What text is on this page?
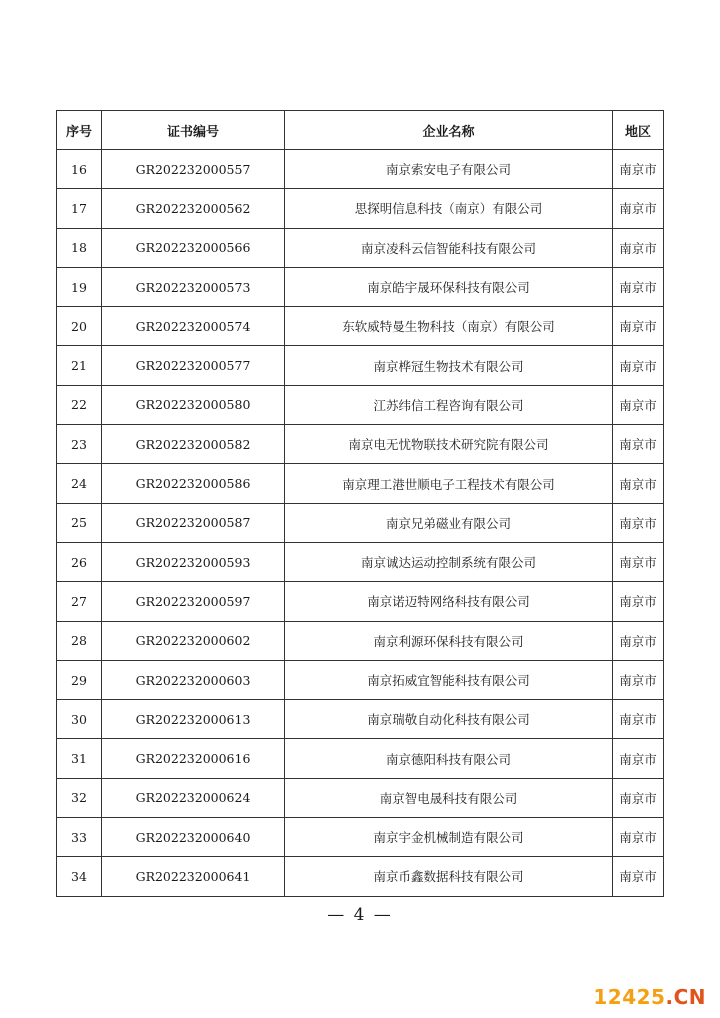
序号	证书编号	企业名称	地区
16	GR202232000557	南京索安电子有限公司	南京市
17	GR202232000562	思探明信息科技（南京）有限公司	南京市
18	GR202232000566	南京凌科云信智能科技有限公司	南京市
19	GR202232000573	南京皓宇晟环保科技有限公司	南京市
20	GR202232000574	东软威特曼生物科技（南京）有限公司	南京市
21	GR202232000577	南京桦冠生物技术有限公司	南京市
22	GR202232000580	江苏纬信工程咨询有限公司	南京市
23	GR202232000582	南京电无忧物联技术研究院有限公司	南京市
24	GR202232000586	南京理工港世顺电子工程技术有限公司	南京市
25	GR202232000587	南京兄弟磁业有限公司	南京市
26	GR202232000593	南京诚达运动控制系统有限公司	南京市
27	GR202232000597	南京诺迈特网络科技有限公司	南京市
28	GR202232000602	南京利源环保科技有限公司	南京市
29	GR202232000603	南京拓威宜智能科技有限公司	南京市
30	GR202232000613	南京瑞敬自动化科技有限公司	南京市
31	GR202232000616	南京德阳科技有限公司	南京市
32	GR202232000624	南京智电晟科技有限公司	南京市
33	GR202232000640	南京宇金机械制造有限公司	南京市
34	GR202232000641	南京币鑫数据科技有限公司	南京市
— 4 —
12425.CN
